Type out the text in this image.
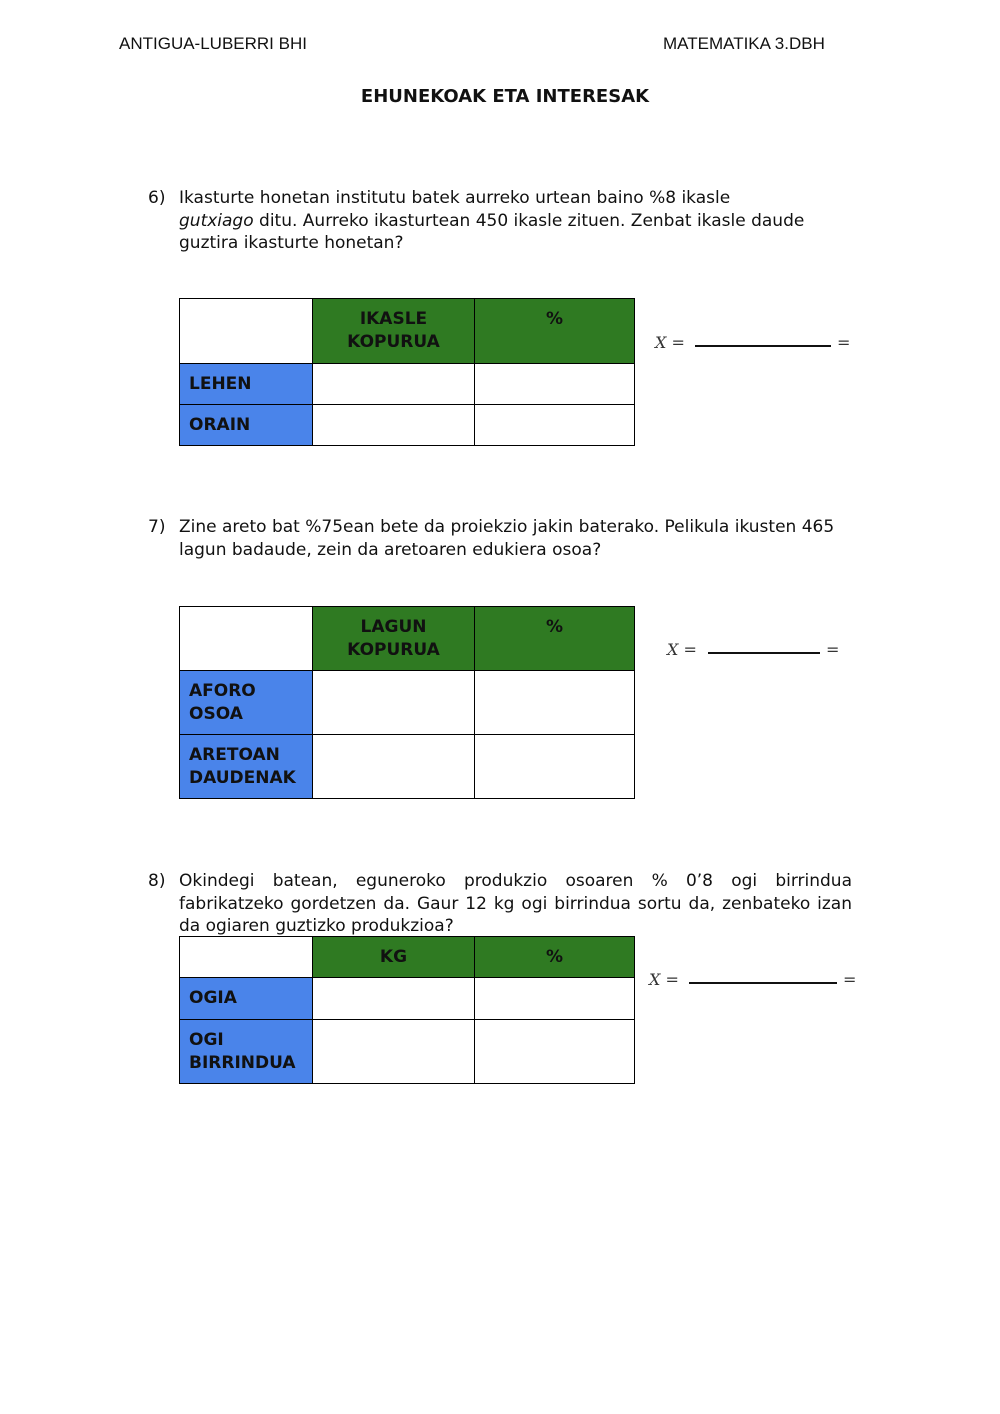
ANTIGUA-LUBERRI BHI	MATEMATIKA 3.DBH
EHUNEKOAK ETA INTERESAK
6) Ikasturte honetan institutu batek aurreko urtean baino %8 ikasle
gutxiago ditu. Aurreko ikasturtean 450 ikasle zituen. Zenbat ikasle daude guztira ikasturte honetan?

	IKASLE KOPURUA	%

LEHEN		
ORAIN		
X =	=
7) Zine areto bat %75ean bete da proiekzio jakin baterako. Pelikula ikusten 465 lagun badaude, zein da aretoaren edukiera osoa?

	LAGUN KOPURUA	%

AFORO OSOA		
ARETOAN DAUDENAK		
X =	=
8) Okindegi batean, eguneroko produkzio osoaren % 0’8 ogi birrindua fabrikatzeko gordetzen da. Gaur 12 kg ogi birrindua sortu da, zenbateko izan da ogiaren guztizko produkzioa?

	KG	%

OGIA		
OGI BIRRINDUA		
X =	=
